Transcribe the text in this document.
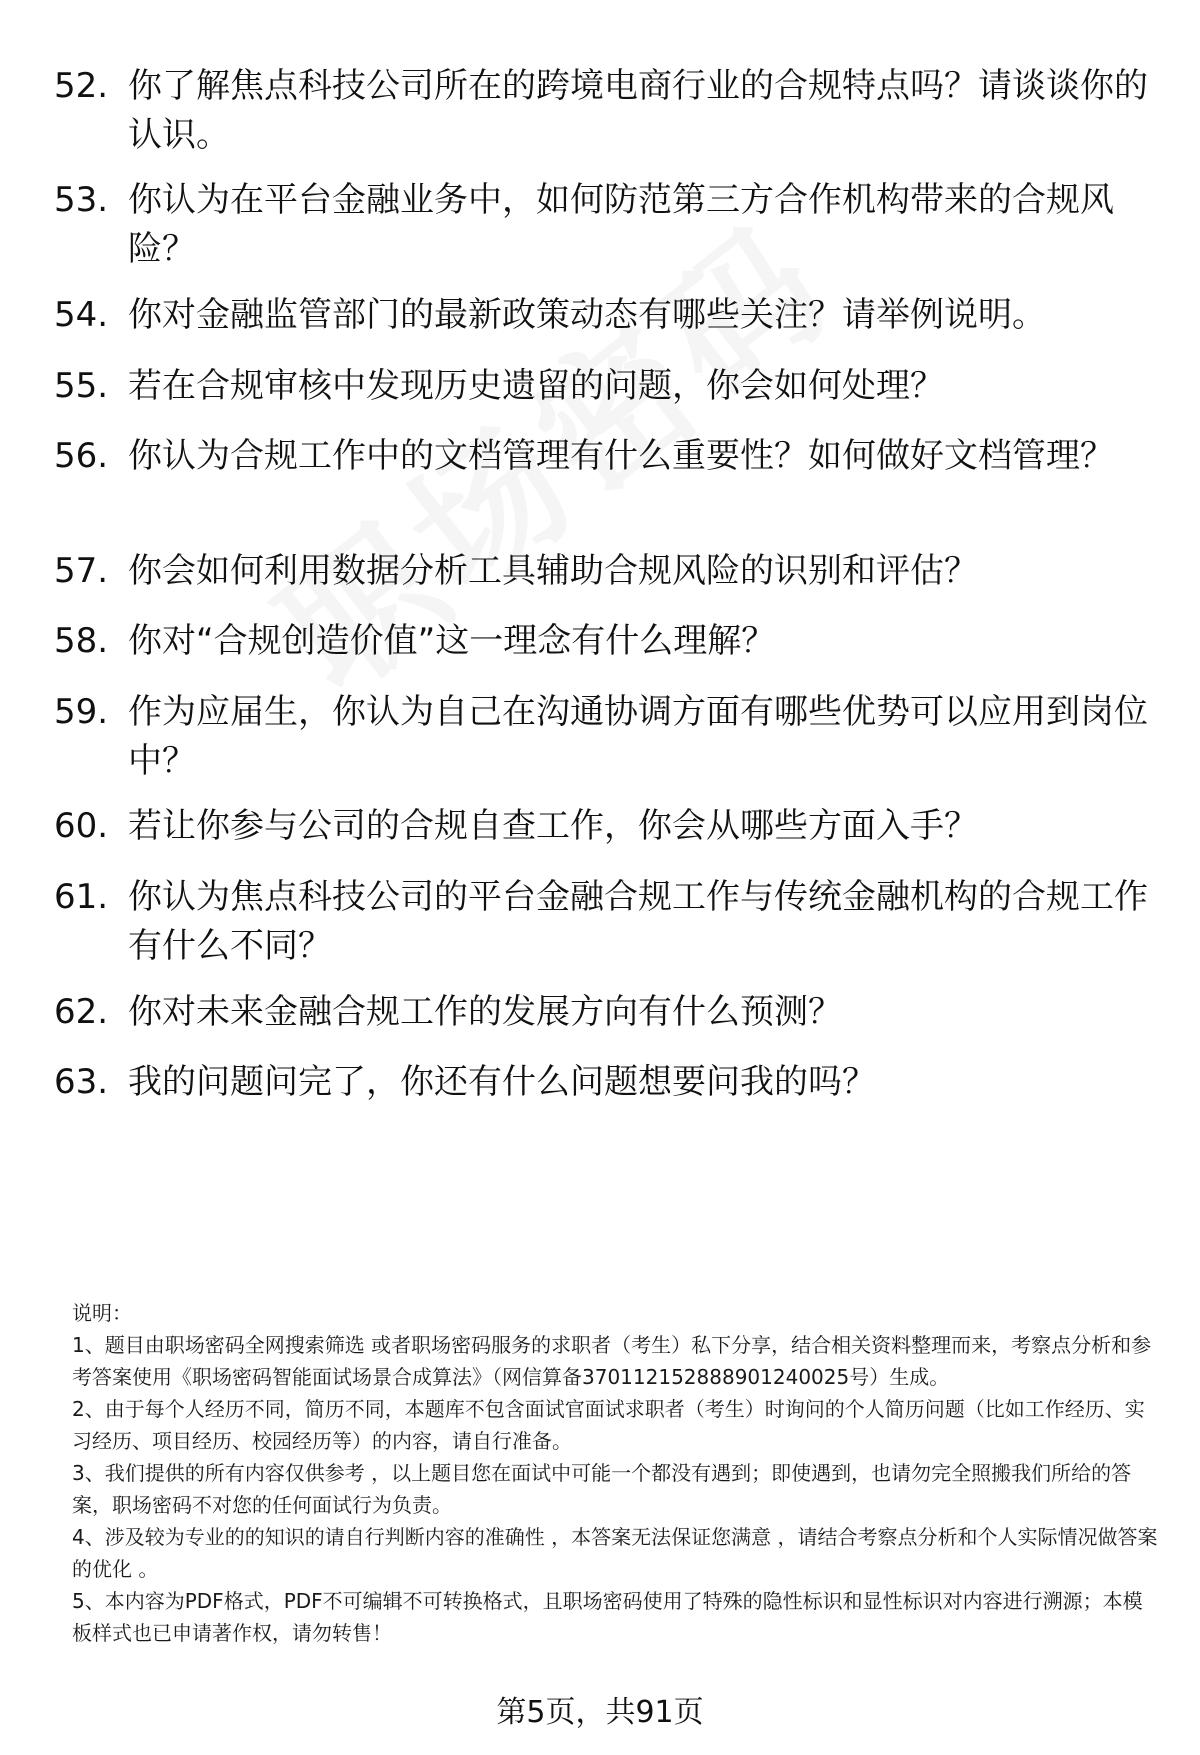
52. 你了解焦点科技公司所在的跨境电商行业的合规特点吗？请谈谈你的认识。
53. 你认为在平台金融业务中，如何防范第三方合作机构带来的合规风险？
54. 你对金融监管部门的最新政策动态有哪些关注？请举例说明。
55. 若在合规审核中发现历史遗留的问题，你会如何处理？
56. 你认为合规工作中的文档管理有什么重要性？如何做好文档管理？
57. 你会如何利用数据分析工具辅助合规风险的识别和评估？
58. 你对“合规创造价值”这一理念有什么理解？
59. 作为应届生，你认为自己在沟通协调方面有哪些优势可以应用到岗位中？
60. 若让你参与公司的合规自查工作，你会从哪些方面入手？
61. 你认为焦点科技公司的平台金融合规工作与传统金融机构的合规工作有什么不同？
62. 你对未来金融合规工作的发展方向有什么预测？
63. 我的问题问完了，你还有什么问题想要问我的吗？

说明：

1、题目由职场密码全网搜索筛选 或者职场密码服务的求职者（考生）私下分享，结合相关资料整理而来，考察点分析和参考答案使用《职场密码智能面试场景合成算法》（网信算备370112152888901240025号）生成。

2、由于每个人经历不同，简历不同，本题库不包含面试官面试求职者（考生）时询问的个人简历问题（比如工作经历、实习经历、项目经历、校园经历等）的内容，请自行准备。

3、我们提供的所有内容仅供参考 ，以上题目您在面试中可能一个都没有遇到；即使遇到，也请勿完全照搬我们所给的答案，职场密码不对您的任何面试行为负责。

4、涉及较为专业的的知识的请自行判断内容的准确性 ，本答案无法保证您满意 ，请结合考察点分析和个人实际情况做答案的优化 。

5、本内容为PDF格式，PDF不可编辑不可转换格式，且职场密码使用了特殊的隐性标识和显性标识对内容进行溯源；本模板样式也已申请著作权，请勿转售！

第5页，共91页
